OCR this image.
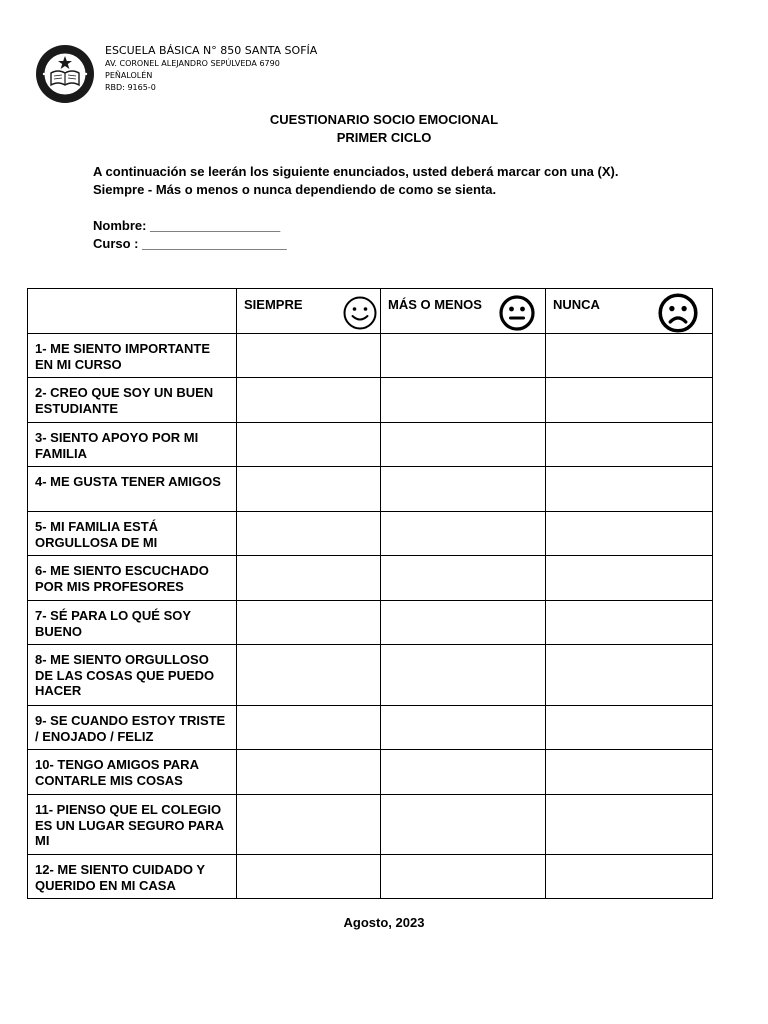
ESCUELA BÁSICA N° 850 SANTA SOFÍA
AV. CORONEL ALEJANDRO SEPÚLVEDA 6790
PEÑALOLÉN
RBD: 9165-0
CUESTIONARIO SOCIO EMOCIONAL
PRIMER CICLO
A continuación se leerán los siguiente enunciados, usted deberá marcar con una (X).
Siempre - Más o menos o nunca dependiendo de como se sienta.
Nombre: __________________
Curso : ____________________

	SIEMPRE	MÁS O MENOS	NUNCA

1- ME SIENTO IMPORTANTE EN MI CURSO			

2- CREO QUE SOY UN BUEN ESTUDIANTE			

3- SIENTO APOYO POR MI FAMILIA			

4- ME GUSTA TENER AMIGOS			

5- MI FAMILIA ESTÁ ORGULLOSA DE MI			

6- ME SIENTO ESCUCHADO POR MIS PROFESORES			

7- SÉ PARA LO QUÉ SOY BUENO			

8- ME SIENTO ORGULLOSO DE LAS COSAS QUE PUEDO HACER			

9- SE CUANDO ESTOY TRISTE / ENOJADO / FELIZ			

10- TENGO AMIGOS PARA CONTARLE MIS COSAS			

11- PIENSO QUE EL COLEGIO ES UN LUGAR SEGURO PARA MI			

12- ME SIENTO CUIDADO Y QUERIDO EN MI CASA			

Agosto, 2023
